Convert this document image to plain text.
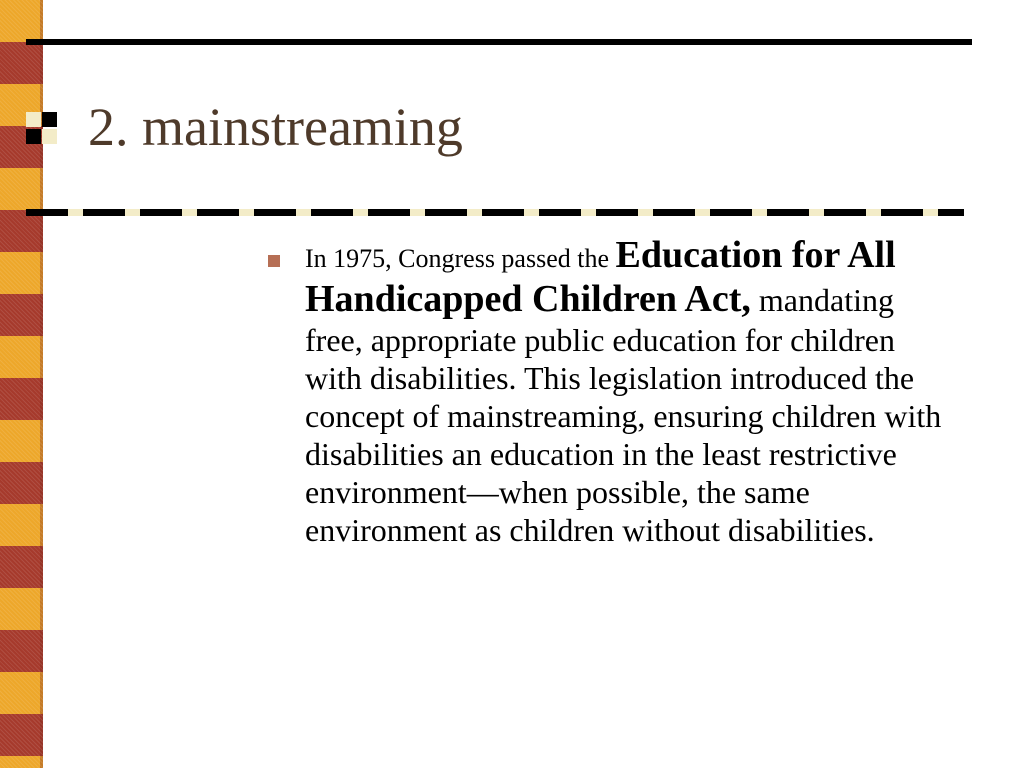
2. mainstreaming
In 1975, Congress passed the Education for All Handicapped Children Act, mandating free, appropriate public education for children with disabilities. This legislation introduced the concept of mainstreaming, ensuring children with disabilities an education in the least restrictive environment—when possible, the same environment as children without disabilities.
